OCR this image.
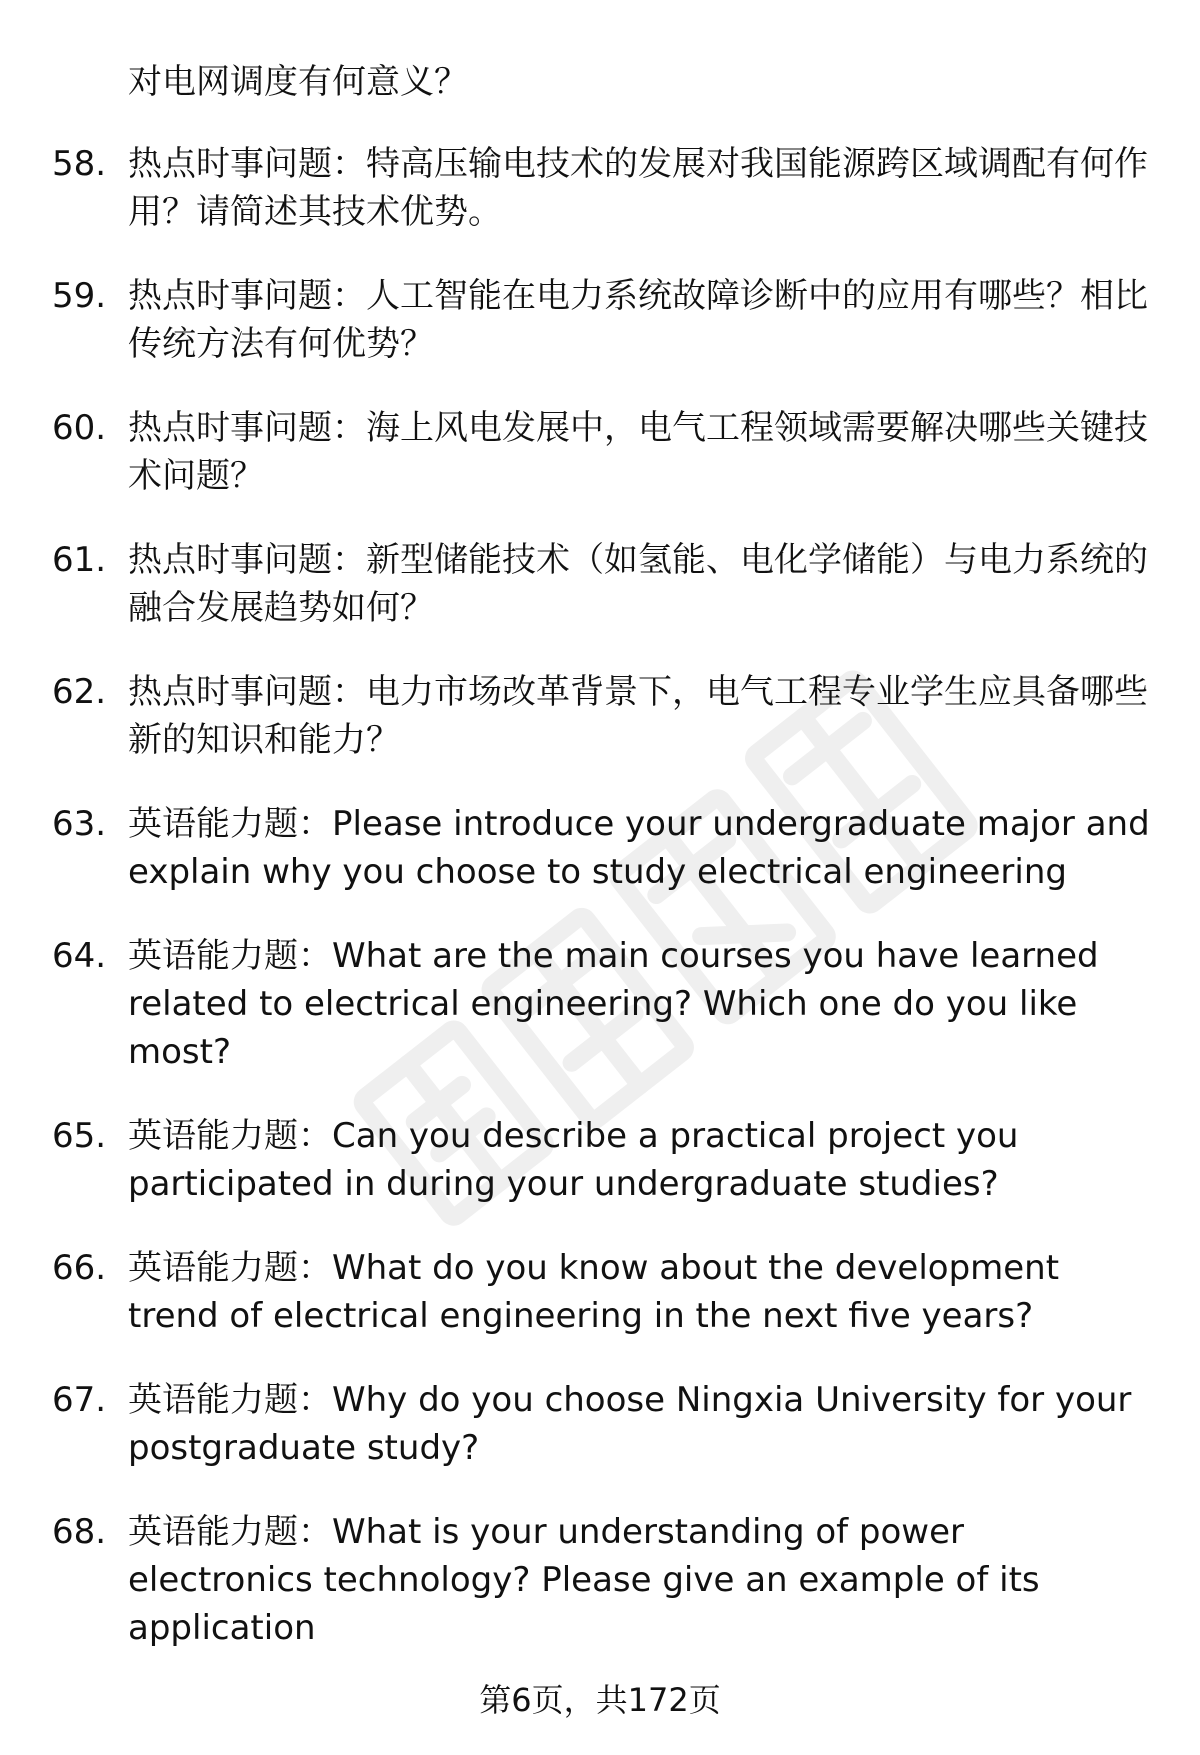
对电网调度有何意义？

58. 热点时事问题：特高压输电技术的发展对我国能源跨区域调配有何作用？请简述其技术优势。
59. 热点时事问题：人工智能在电力系统故障诊断中的应用有哪些？相比传统方法有何优势？
60. 热点时事问题：海上风电发展中，电气工程领域需要解决哪些关键技术问题？
61. 热点时事问题：新型储能技术（如氢能、电化学储能）与电力系统的融合发展趋势如何？
62. 热点时事问题：电力市场改革背景下，电气工程专业学生应具备哪些新的知识和能力？
63. 英语能力题：Please introduce your undergraduate major and explain why you choose to study electrical engineering
64. 英语能力题：What are the main courses you have learned related to electrical engineering? Which one do you like most?
65. 英语能力题：Can you describe a practical project you participated in during your undergraduate studies?
66. 英语能力题：What do you know about the development trend of electrical engineering in the next five years?
67. 英语能力题：Why do you choose Ningxia University for your postgraduate study?
68. 英语能力题：What is your understanding of power electronics technology? Please give an example of its application

第6页，共172页
